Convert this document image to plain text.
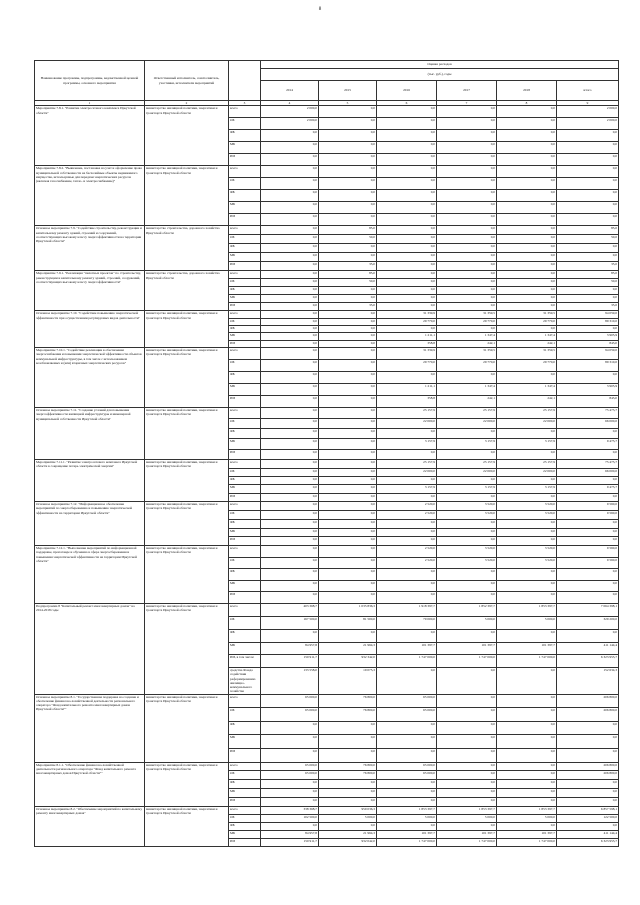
8
Наименование программы, подпрограммы, ведомственной целевой программы, основного мероприятия	Ответственный исполнитель, соисполнитель, участники, исполнители мероприятий		Оценка расходов					
			(тыс. руб.), годы					
			2014	2015	2016	2017	2018	итого
1	2	3	4	5	6	7	8	9
Мероприятие 7.8.1. "Развитие электросетевого комплекса Иркутской области"	министерство жилищной политики, энергетики и транспорта Иркутской области	всего	2 000,0	0,0	0,0	0,0	0,0	2 000,0
		ОБ	2 000,0	0,0	0,0	0,0	0,0	2 000,0
		ФБ	0,0	0,0	0,0	0,0	0,0	0,0
		МБ	0,0	0,0	0,0	0,0	0,0	0,0
		ИИ	0,0	0,0	0,0	0,0	0,0	0,0
Мероприятие 7.8.2. "Выявление, постановка на учет и оформление права муниципальной собственности на бесхозяйные объекты недвижимого имущества, используемые для передачи энергетических ресурсов (включая газоснабжение, тепло- и электроснабжение)"	министерство жилищной политики, энергетики и транспорта Иркутской области	всего	0,0	0,0	0,0	0,0	0,0	0,0
		ОБ	0,0	0,0	0,0	0,0	0,0	0,0
		ФБ	0,0	0,0	0,0	0,0	0,0	0,0
		МБ	0,0	0,0	0,0	0,0	0,0	0,0
		ИИ	0,0	0,0	0,0	0,0	0,0	0,0
Основное мероприятие 7.9. "Содействие строительству, реконструкции и капитальному ремонту зданий, строений и сооружений, соответствующих высокому классу энергоэффективности на территории Иркутской области"	министерство строительства, дорожного хозяйства Иркутской области	всего	0,0	85,0	0,0	0,0	0,0	85,0
		ОБ	0,0	50,0	0,0	0,0	0,0	50,0
		ФБ	0,0	0,0	0,0	0,0	0,0	0,0
		МБ	0,0	0,0	0,0	0,0	0,0	0,0
		ИИ	0,0	35,0	0,0	0,0	0,0	35,0
Мероприятие 7.9.1. "Реализация "пилотных проектов" по строительству, реконструкции и капитальному ремонту зданий, строений, сооружений, соответствующих высокому классу энергоэффективности"	министерство строительства, дорожного хозяйства Иркутской области	всего	0,0	85,0	0,0	0,0	0,0	85,0
		ОБ	0,0	50,0	0,0	0,0	0,0	50,0
		ФБ	0,0	0,0	0,0	0,0	0,0	0,0
		МБ	0,0	0,0	0,0	0,0	0,0	0,0
		ИИ	0,0	35,0	0,0	0,0	0,0	35,0
Основное мероприятие 7.10. "Содействие повышению энергетической эффективности при осуществлении регулируемых видов деятельности"	министерство жилищной политики, энергетики и транспорта Иркутской области	всего	0,0	0,0	31 339,9	31 359,5	31 359,5	94 059,0
		ОБ	0,0	0,0	29 770,0	29 770,0	29 770,0	89 310,0
		ФБ	0,0	0,0	0,0	0,0	0,0	0,0
		МБ	0,0	0,0	1 211,1	1 347,4	1 347,4	3 905,9
		ИИ	0,0	0,0	358,8	242,1	242,1	843,0
Мероприятие 7.10.1. "Содействие реализации в обеспечении энергоснабжения и повышении энергетической эффективности объектов коммунальной инфраструктуры, в том числе с использованием возобновляемых и (или) вторичных энергетических ресурсов"	министерство жилищной политики, энергетики и транспорта Иркутской области	всего	0,0	0,0	31 339,9	31 359,5	31 359,5	94 059,0
		ОБ	0,0	0,0	29 770,0	29 770,0	29 770,0	89 310,0
		ФБ	0,0	0,0	0,0	0,0	0,0	0,0
		МБ	0,0	0,0	1 211,1	1 347,4	1 347,4	3 905,9
		ИИ	0,0	0,0	358,8	242,1	242,1	843,0
Основное мероприятие 7.11. "Создание условий для повышения энергоэффективности жилищной инфраструктуры и инженерной муниципальной собственности Иркутской области"	министерство жилищной политики, энергетики и транспорта Иркутской области	всего	0,0	0,0	25 157,9	25 157,9	25 157,9	75 473,7
		ОБ	0,0	0,0	22 000,0	22 000,0	22 000,0	66 000,0
		ФБ	0,0	0,0	0,0	0,0	0,0	0,0
		МБ	0,0	0,0	3 157,9	3 157,9	3 157,9	9 473,7
		ИИ	0,0	0,0	0,0	0,0	0,0	0,0
Мероприятие 7.11.1. "Развитие электросетевого комплекса Иркутской области в сокращение потерь электрической энергии"	министерство жилищной политики, энергетики и транспорта Иркутской области	всего	0,0	0,0	25 157,9	25 157,9	25 157,9	75 473,7
		ОБ	0,0	0,0	22 000,0	22 000,0	22 000,0	66 000,0
		ФБ	0,0	0,0	0,0	0,0	0,0	0,0
		МБ	0,0	0,0	3 157,9	3 157,9	3 157,9	9 473,7
		ИИ	0,0	0,0	0,0	0,0	0,0	0,0
Основное мероприятие 7.12. "Информационное обеспечение мероприятий по энергосбережению и повышению энергетической эффективности на территории Иркутской области"	министерство жилищной политики, энергетики и транспорта Иркутской области	всего	0,0	0,0	2 520,0	3 520,0	3 520,0	9 560,0
		ОБ	0,0	0,0	2 520,0	3 520,0	3 520,0	9 560,0
		ФБ	0,0	0,0	0,0	0,0	0,0	0,0
		МБ	0,0	0,0	0,0	0,0	0,0	0,0
		ИИ	0,0	0,0	0,0	0,0	0,0	0,0
Мероприятие 7.12.1. "Выполнение мероприятий по информационной поддержке, пропаганде и обучению в сфере энергосбережения и повышения энергетической эффективности на территории Иркутской области"	министерство жилищной политики, энергетики и транспорта Иркутской области	всего	0,0	0,0	2 520,0	3 520,0	3 520,0	9 560,0
		ОБ	0,0	0,0	2 520,0	3 520,0	3 520,0	9 560,0
		ФБ	0,0	0,0	0,0	0,0	0,0	0,0
		МБ	0,0	0,0	0,0	0,0	0,0	0,0
		ИИ	0,0	0,0	0,0	0,0	0,0	0,0
Подпрограмма 8 "Капитальный ремонт многоквартирных домов" на 2014-2018 годы	министерство жилищной политики, энергетики и транспорта Иркутской области	всего	403 368,7	1 035 836,3	1 918 397,7	1 852 397,7	1 853 397,7	7 064 398,1
		ОБ	167 500,0	81 500,0	70 000,0	5 000,0	5 000,0	329 200,0
		ФБ	0,0	0,0	0,0	0,0	0,0	0,0
		МБ	84 957,8	21 994,3	101 397,7	101 397,7	101 397,7	411 144,4
		ИИ, в том числе:	150 911,7	932 342,0	1 747 000,0	1 747 000,0	1 747 000,0	6 323 953,7
		средства Фонда содействия реформированию жилищно-коммунального хозяйства	133 558,0	19 075,3	0,0	0,0	0,0	152 634,3
Основное мероприятие 8.1. "Государственная поддержка на создание и обеспечение финансово-хозяйственной деятельности регионального оператора "Фонд капитального ремонта многоквартирных домов Иркутской области""	министерство жилищной политики, энергетики и транспорта Иркутской области	всего	65 000,0	76 800,0	65 000,0	0,0	0,0	206 800,0
		ОБ	65 000,0	76 800,0	65 000,0	0,0	0,0	206 800,0
		ФБ	0,0	0,0	0,0	0,0	0,0	0,0
		МБ	0,0	0,0	0,0	0,0	0,0	0,0
		ИИ	0,0	0,0	0,0	0,0	0,0	0,0
Мероприятие 8.1.1. "Обеспечение финансово-хозяйственной деятельности регионального оператора "Фонд капитального ремонта многоквартирных домов Иркутской области""	министерство жилищной политики, энергетики и транспорта Иркутской области	всего	65 000,0	76 800,0	65 000,0	0,0	0,0	206 800,0
		ОБ	65 000,0	76 800,0	65 000,0	0,0	0,0	206 800,0
		ФБ	0,0	0,0	0,0	0,0	0,0	0,0
		МБ	0,0	0,0	0,0	0,0	0,0	0,0
		ИИ	0,0	0,0	0,0	0,0	0,0	0,0
Основное мероприятие 8.2. "Обеспечение мероприятий по капитальному ремонту многоквартирных домов"	министерство жилищной политики, энергетики и транспорта Иркутской области	всего	338 368,7	959 036,3	1 853 397,7	1 853 397,7	1 853 397,7	6 857 598,1
		ОБ	102 500,0	5 000,0	5 000,0	5 000,0	5 000,0	122 500,0
		ФБ	0,0	0,0	0,0	0,0	0,0	0,0
		МБ	84 957,8	21 994,3	101 397,7	101 397,7	101 397,7	411 144,4
		ИИ	150 911,7	932 042,0	1 747 000,0	1 747 000,0	1 747 000,0	6 323 953,7
